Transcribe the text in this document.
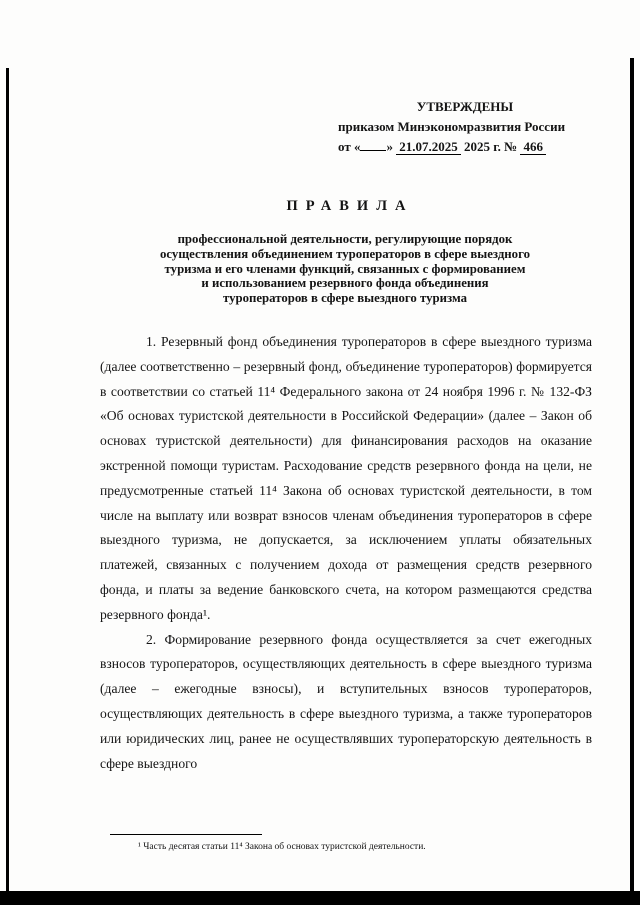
УТВЕРЖДЕНЫ
приказом Минэкономразвития России
от « » 21.07.2025 2025 г. № 466
ПРАВИЛА
профессиональной деятельности, регулирующие порядок
осуществления объединением туроператоров в сфере выездного
туризма и его членами функций, связанных с формированием
и использованием резервного фонда объединения
туроператоров в сфере выездного туризма

1. Резервный фонд объединения туроператоров в сфере выездного туризма (далее соответственно – резервный фонд, объединение туроператоров) формируется в соответствии со статьей 11⁴ Федерального закона от 24 ноября 1996 г. № 132-ФЗ «Об основах туристской деятельности в Российской Федерации» (далее – Закон об основах туристской деятельности) для финансирования расходов на оказание экстренной помощи туристам. Расходование средств резервного фонда на цели, не предусмотренные статьей 11⁴ Закона об основах туристской деятельности, в том числе на выплату или возврат взносов членам объединения туроператоров в сфере выездного туризма, не допускается, за исключением уплаты обязательных платежей, связанных с получением дохода от размещения средств резервного фонда, и платы за ведение банковского счета, на котором размещаются средства резервного фонда¹.

2. Формирование резервного фонда осуществляется за счет ежегодных взносов туроператоров, осуществляющих деятельность в сфере выездного туризма (далее – ежегодные взносы), и вступительных взносов туроператоров, осуществляющих деятельность в сфере выездного туризма, а также туроператоров или юридических лиц, ранее не осуществлявших туроператорскую деятельность в сфере выездного

¹ Часть десятая статьи 11⁴ Закона об основах туристской деятельности.
